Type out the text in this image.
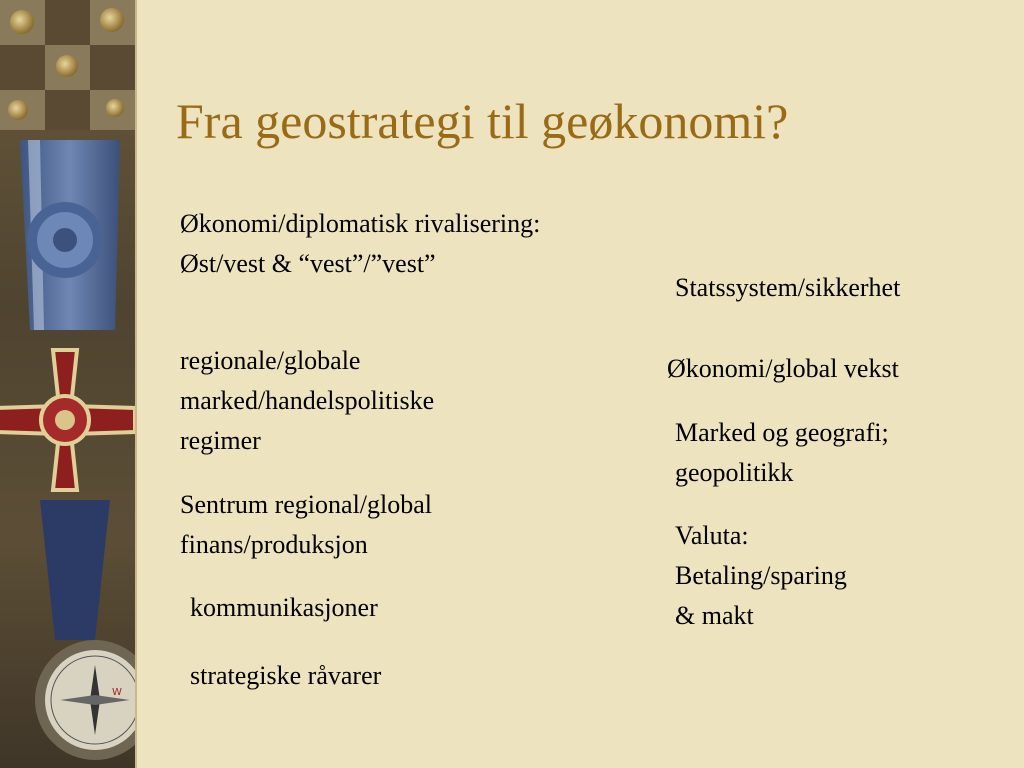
W
Fra geostrategi til geøkonomi?
Økonomi/diplomatisk rivalisering:
Øst/vest & “vest”/”vest”
regionale/globale
marked/handelspolitiske
regimer
Sentrum regional/global
finans/produksjon
kommunikasjoner
strategiske råvarer
Statssystem/sikkerhet
Økonomi/global vekst
Marked og geografi;
geopolitikk
Valuta:
Betaling/sparing
& makt
